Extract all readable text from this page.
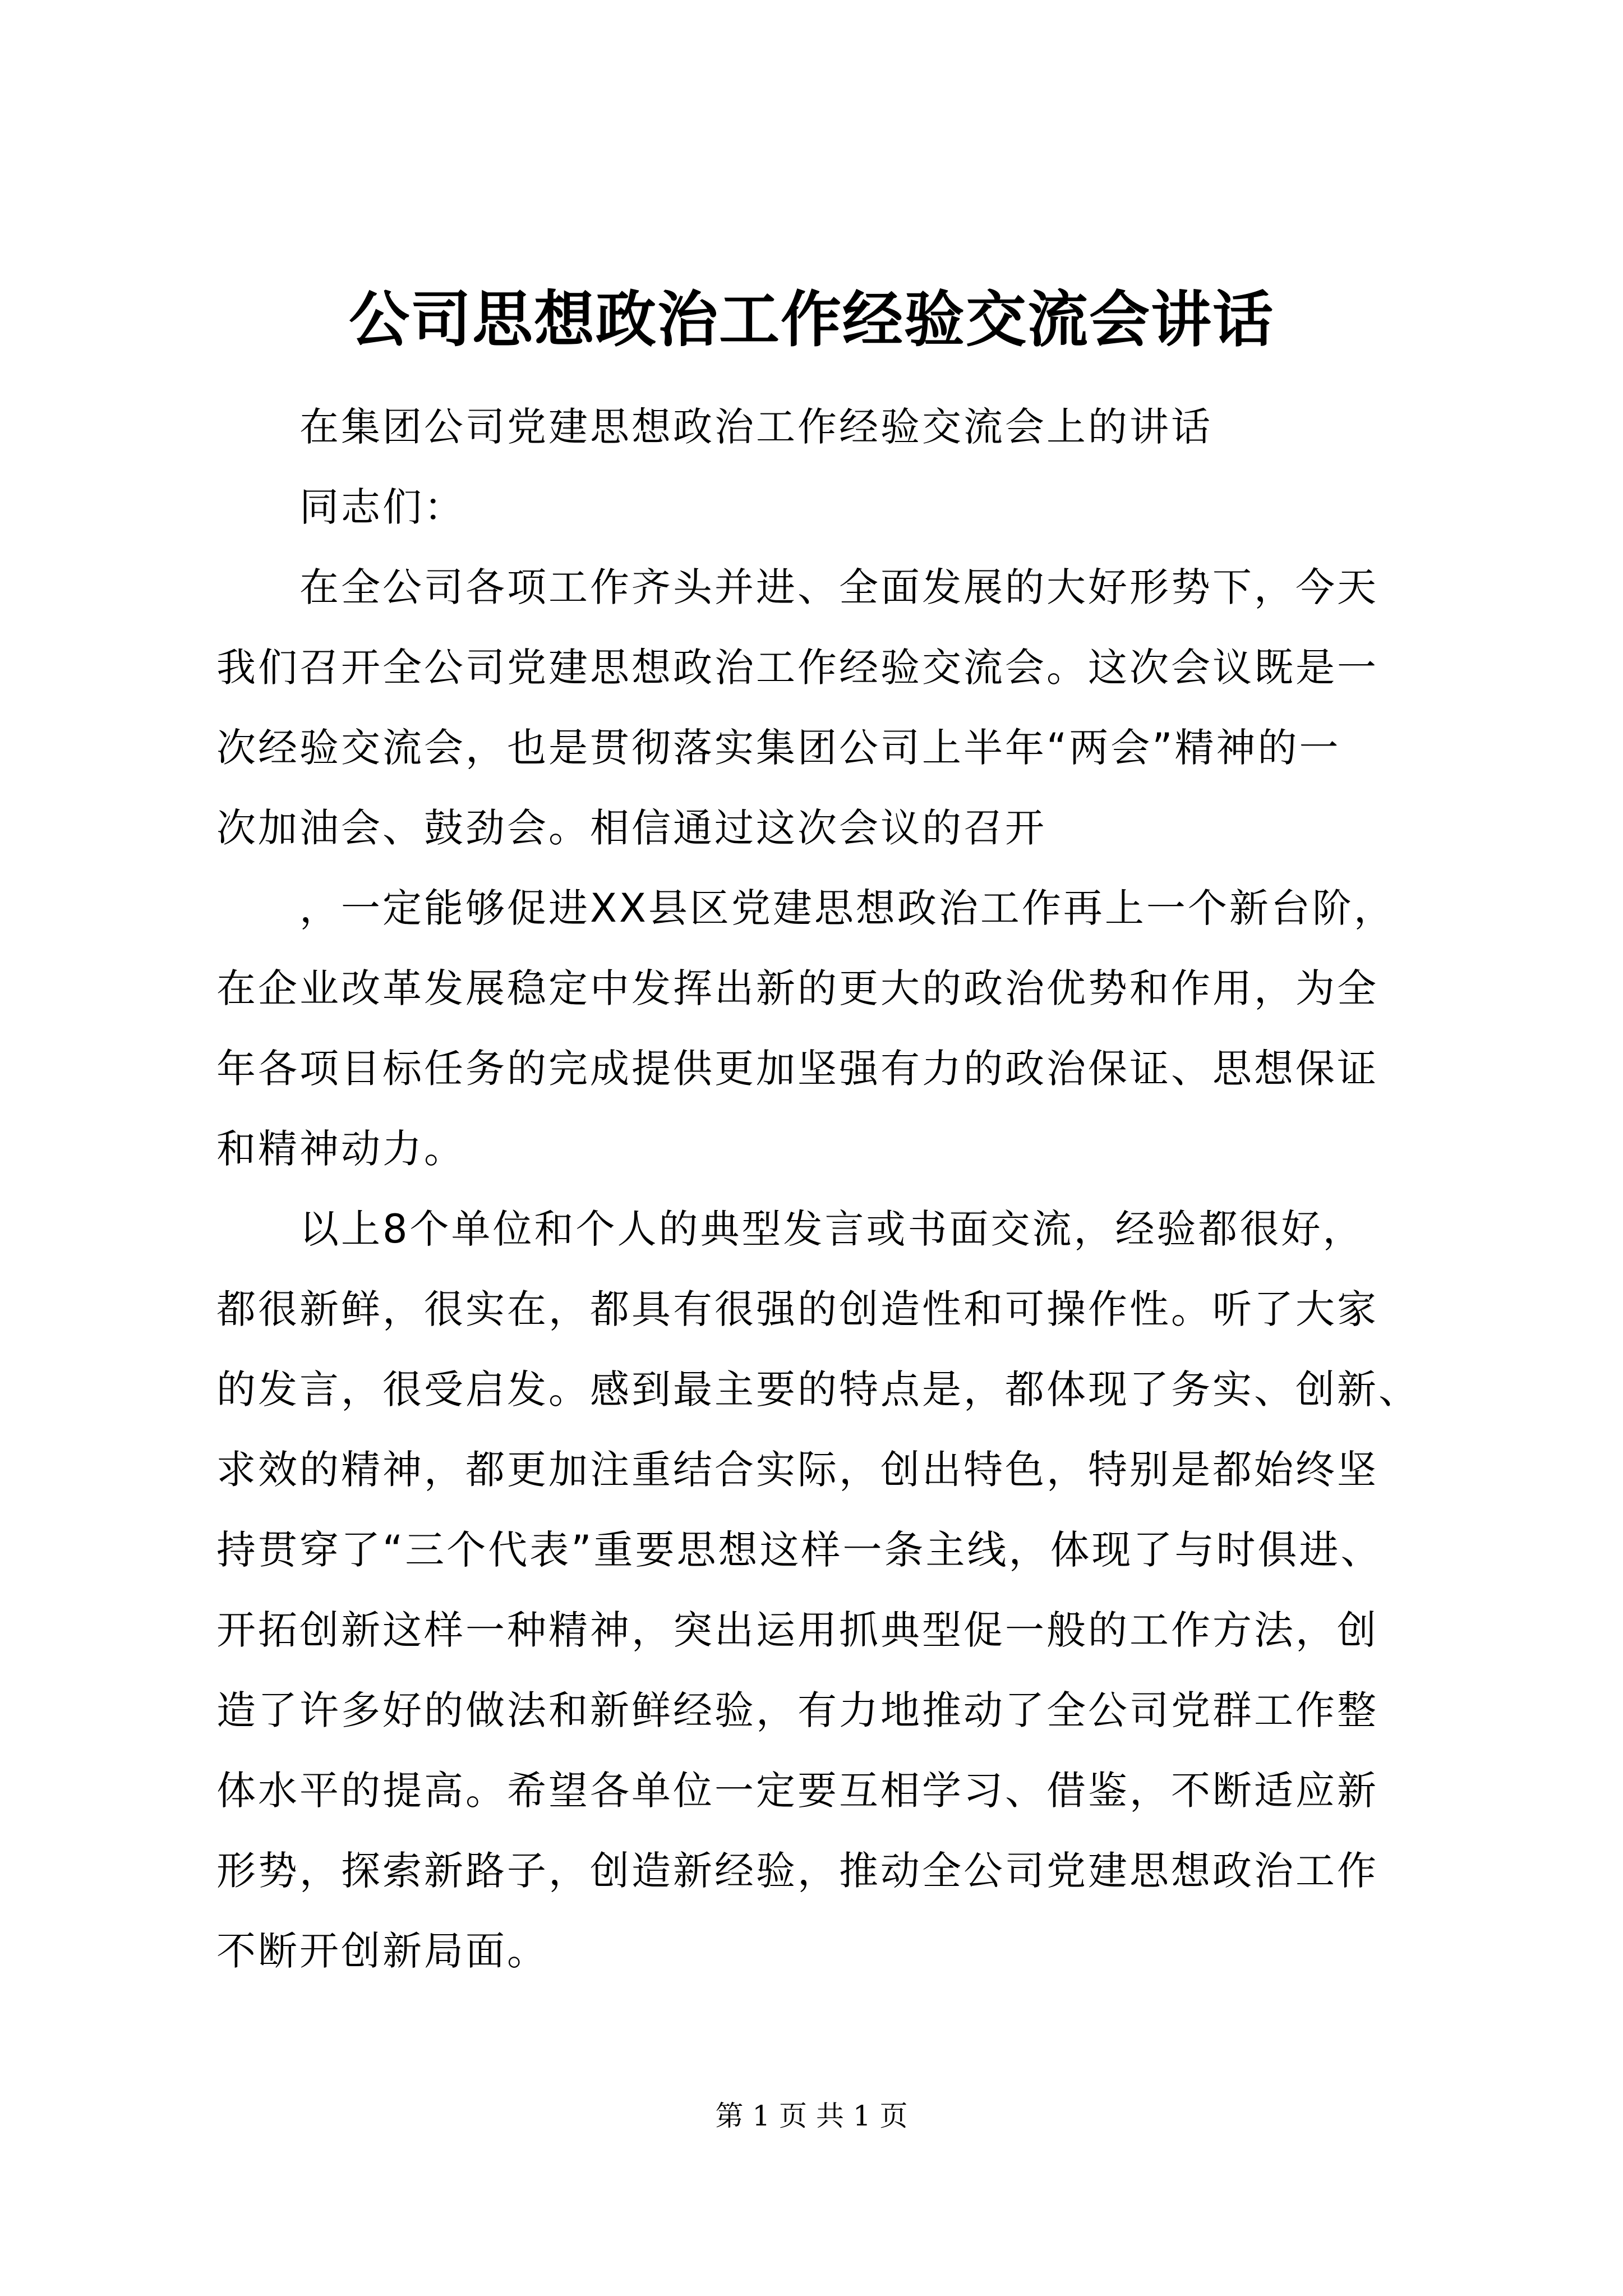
公司思想政治工作经验交流会讲话

在集团公司党建思想政治工作经验交流会上的讲话

同志们：

在全公司各项工作齐头并进、全面发展的大好形势下，今天
我们召开全公司党建思想政治工作经验交流会。这次会议既是一
次经验交流会，也是贯彻落实集团公司上半年“两会”精神的一
次加油会、鼓劲会。相信通过这次会议的召开

，一定能够促进XX县区党建思想政治工作再上一个新台阶，
在企业改革发展稳定中发挥出新的更大的政治优势和作用，为全
年各项目标任务的完成提供更加坚强有力的政治保证、思想保证
和精神动力。

以上8个单位和个人的典型发言或书面交流，经验都很好，
都很新鲜，很实在，都具有很强的创造性和可操作性。听了大家
的发言，很受启发。感到最主要的特点是，都体现了务实、创新、
求效的精神，都更加注重结合实际，创出特色，特别是都始终坚
持贯穿了“三个代表”重要思想这样一条主线，体现了与时俱进、
开拓创新这样一种精神，突出运用抓典型促一般的工作方法，创
造了许多好的做法和新鲜经验，有力地推动了全公司党群工作整
体水平的提高。希望各单位一定要互相学习、借鉴，不断适应新
形势，探索新路子，创造新经验，推动全公司党建思想政治工作
不断开创新局面。

第 1 页 共 1 页
